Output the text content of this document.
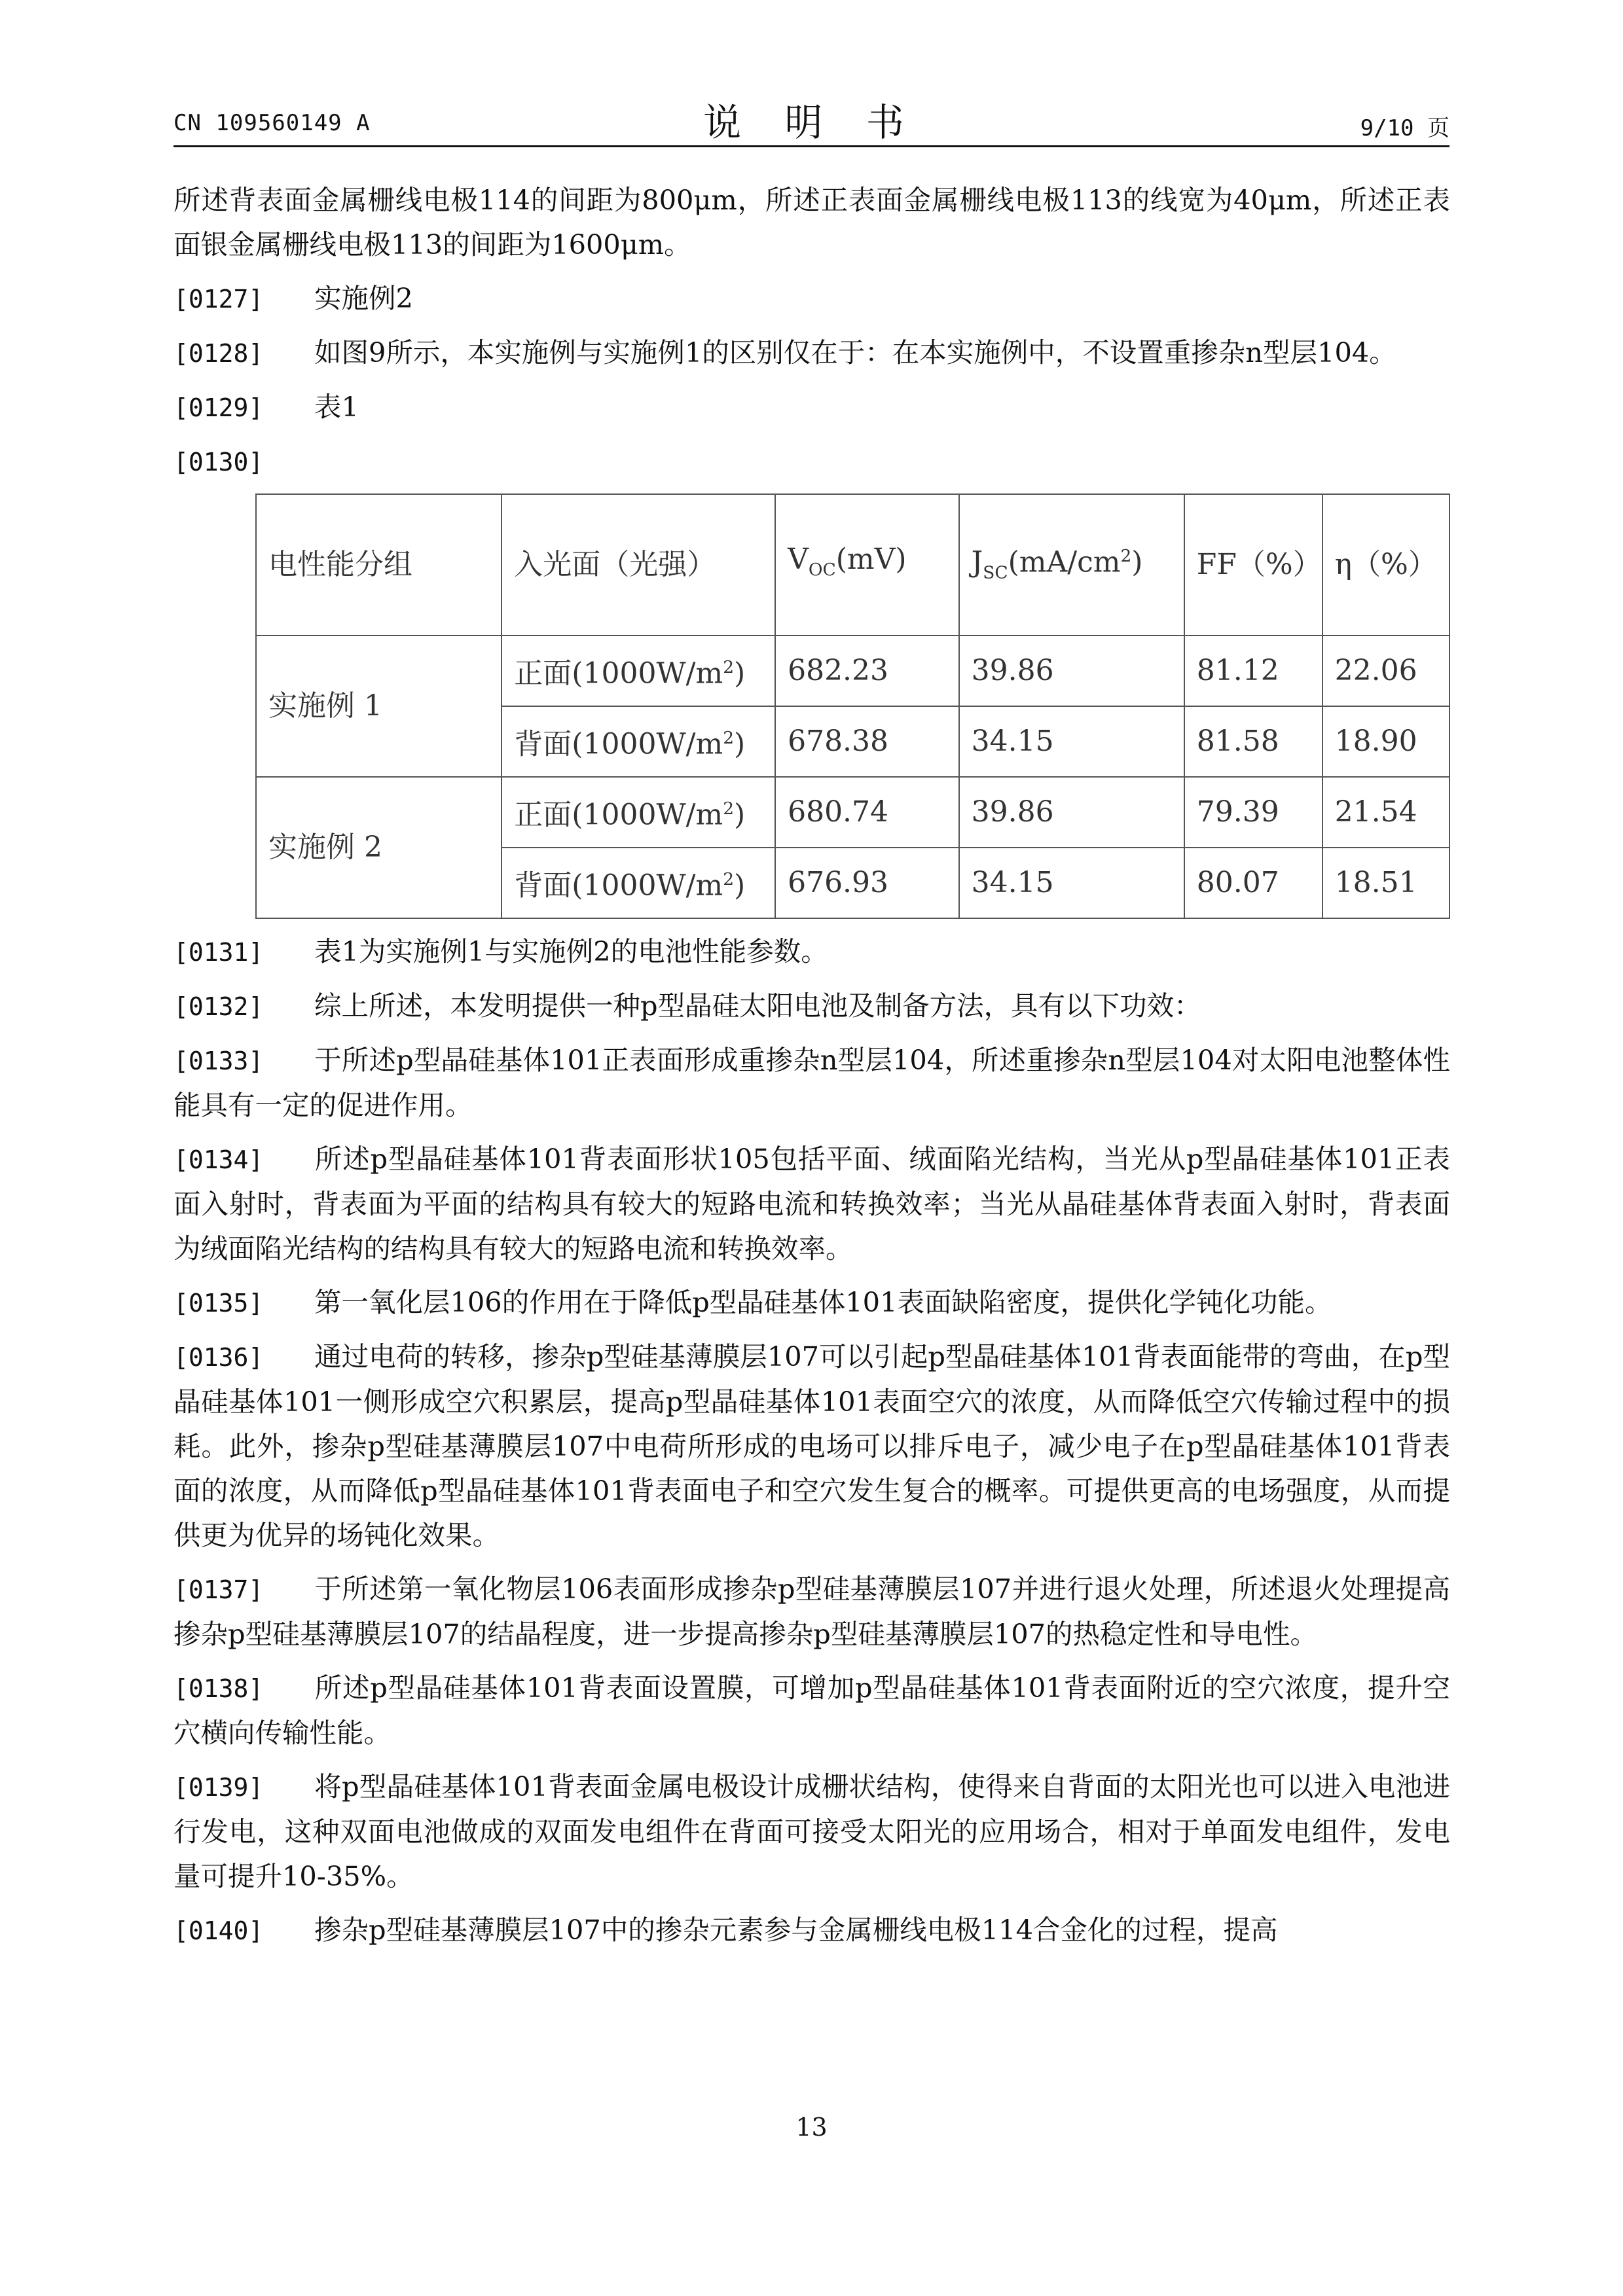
CN 109560149 A	说 明 书	9/10 页

所述背表面金属栅线电极114的间距为800μm，所述正表面金属栅线电极113的线宽为40μm，所述正表面银金属栅线电极113的间距为1600μm。

[0127] 实施例2

[0128] 如图9所示，本实施例与实施例1的区别仅在于：在本实施例中，不设置重掺杂n型层104。

[0129] 表1

[0130]

电性能分组	入光面（光强）	$V_{OC}(mV)$	$J_{SC}(mA/cm^2)$	FF（%）	η（%）
实施例 1	正面$(1000W/m^2)$	682.23	39.86	81.12	22.06
	背面$(1000W/m^2)$	678.38	34.15	81.58	18.90
实施例 2	正面$(1000W/m^2)$	680.74	39.86	79.39	21.54
	背面$(1000W/m^2)$	676.93	34.15	80.07	18.51

[0131] 表1为实施例1与实施例2的电池性能参数。

[0132] 综上所述，本发明提供一种p型晶硅太阳电池及制备方法，具有以下功效：

[0133] 于所述p型晶硅基体101正表面形成重掺杂n型层104，所述重掺杂n型层104对太阳电池整体性能具有一定的促进作用。

[0134] 所述p型晶硅基体101背表面形状105包括平面、绒面陷光结构，当光从p型晶硅基体101正表面入射时，背表面为平面的结构具有较大的短路电流和转换效率；当光从晶硅基体背表面入射时，背表面为绒面陷光结构的结构具有较大的短路电流和转换效率。

[0135] 第一氧化层106的作用在于降低p型晶硅基体101表面缺陷密度，提供化学钝化功能。

[0136] 通过电荷的转移，掺杂p型硅基薄膜层107可以引起p型晶硅基体101背表面能带的弯曲，在p型晶硅基体101一侧形成空穴积累层，提高p型晶硅基体101表面空穴的浓度，从而降低空穴传输过程中的损耗。此外，掺杂p型硅基薄膜层107中电荷所形成的电场可以排斥电子，减少电子在p型晶硅基体101背表面的浓度，从而降低p型晶硅基体101背表面电子和空穴发生复合的概率。可提供更高的电场强度，从而提供更为优异的场钝化效果。

[0137] 于所述第一氧化物层106表面形成掺杂p型硅基薄膜层107并进行退火处理，所述退火处理提高掺杂p型硅基薄膜层107的结晶程度，进一步提高掺杂p型硅基薄膜层107的热稳定性和导电性。

[0138] 所述p型晶硅基体101背表面设置膜，可增加p型晶硅基体101背表面附近的空穴浓度，提升空穴横向传输性能。

[0139] 将p型晶硅基体101背表面金属电极设计成栅状结构，使得来自背面的太阳光也可以进入电池进行发电，这种双面电池做成的双面发电组件在背面可接受太阳光的应用场合，相对于单面发电组件，发电量可提升10-35%。

[0140] 掺杂p型硅基薄膜层107中的掺杂元素参与金属栅线电极114合金化的过程，提高

13
